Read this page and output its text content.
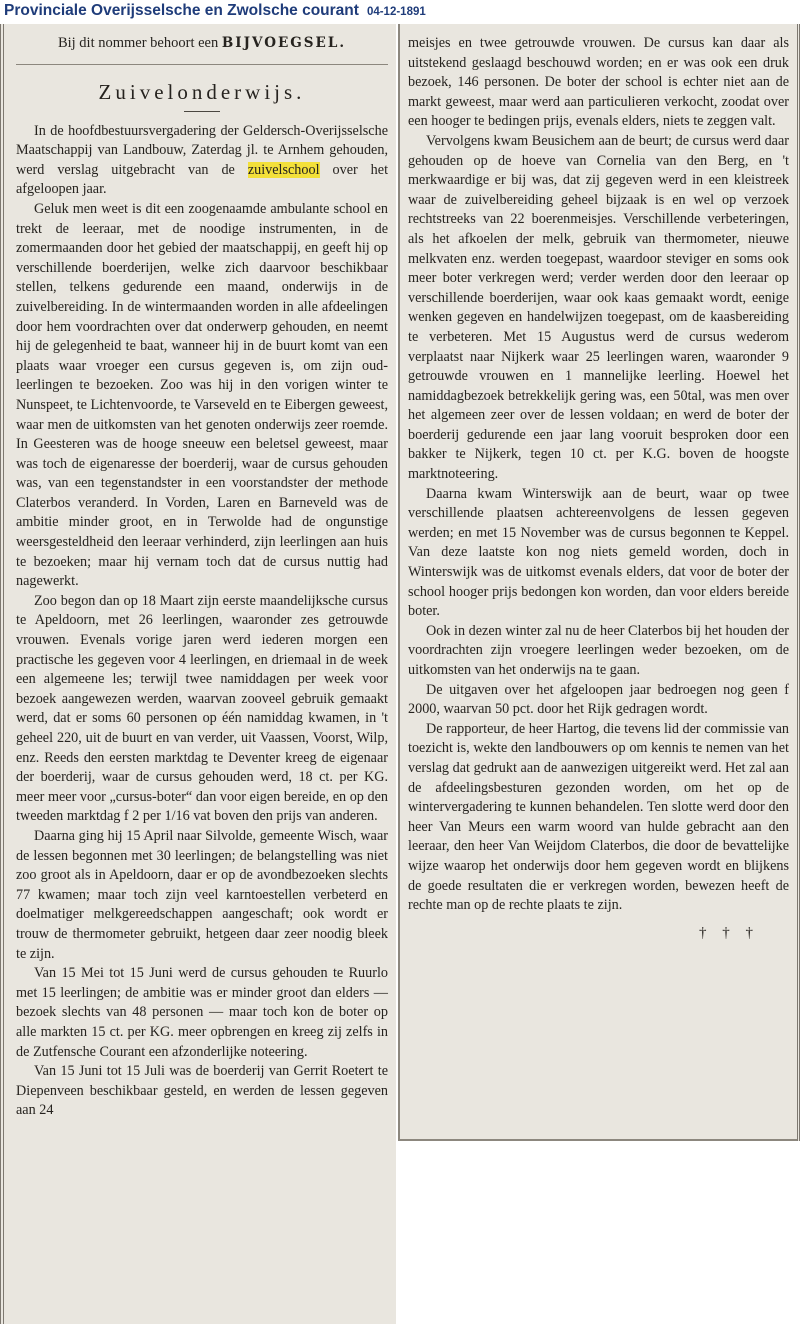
Provinciale Overijsselsche en Zwolsche courant 04-12-1891

Bij dit nommer behoort een BIJVOEGSEL.

Zuivelonderwijs.

In de hoofdbestuursvergadering der Geldersch-Overijsselsche Maatschappij van Landbouw, Zaterdag jl. te Arnhem gehouden, werd verslag uitgebracht van de zuivelschool over het afgeloopen jaar.

Geluk men weet is dit een zoogenaamde ambulante school en trekt de leeraar, met de noodige instrumenten, in de zomermaanden door het gebied der maatschappij, en geeft hij op verschillende boerderijen, welke zich daarvoor beschikbaar stellen, telkens gedurende een maand, onderwijs in de zuivelbereiding. In de wintermaanden worden in alle afdeelingen door hem voordrachten over dat onderwerp gehouden, en neemt hij de gelegenheid te baat, wanneer hij in de buurt komt van een plaats waar vroeger een cursus gegeven is, om zijn oud-leerlingen te bezoeken. Zoo was hij in den vorigen winter te Nunspeet, te Lichtenvoorde, te Varseveld en te Eibergen geweest, waar men de uitkomsten van het genoten onderwijs zeer roemde. In Geesteren was de hooge sneeuw een beletsel geweest, maar was toch de eigenaresse der boerderij, waar de cursus gehouden was, van een tegenstandster in een voorstandster der methode Claterbos veranderd. In Vorden, Laren en Barneveld was de ambitie minder groot, en in Terwolde had de ongunstige weersgesteldheid den leeraar verhinderd, zijn leerlingen aan huis te bezoeken; maar hij vernam toch dat de cursus nuttig had nagewerkt.

Zoo begon dan op 18 Maart zijn eerste maandelijksche cursus te Apeldoorn, met 26 leerlingen, waaronder zes getrouwde vrouwen. Evenals vorige jaren werd iederen morgen een practische les gegeven voor 4 leerlingen, en driemaal in de week een algemeene les; terwijl twee namiddagen per week voor bezoek aangewezen werden, waarvan zooveel gebruik gemaakt werd, dat er soms 60 personen op één namiddag kwamen, in 't geheel 220, uit de buurt en van verder, uit Vaassen, Voorst, Wilp, enz. Reeds den eersten marktdag te Deventer kreeg de eigenaar der boerderij, waar de cursus gehouden werd, 18 ct. per KG. meer meer voor „cursus-boter“ dan voor eigen bereide, en op den tweeden marktdag f 2 per 1/16 vat boven den prijs van anderen.

Daarna ging hij 15 April naar Silvolde, gemeente Wisch, waar de lessen begonnen met 30 leerlingen; de belangstelling was niet zoo groot als in Apeldoorn, daar er op de avondbezoeken slechts 77 kwamen; maar toch zijn veel karntoestellen verbeterd en doelmatiger melkgereedschappen aangeschaft; ook wordt er trouw de thermometer gebruikt, hetgeen daar zeer noodig bleek te zijn.

Van 15 Mei tot 15 Juni werd de cursus gehouden te Ruurlo met 15 leerlingen; de ambitie was er minder groot dan elders — bezoek slechts van 48 personen — maar toch kon de boter op alle markten 15 ct. per KG. meer opbrengen en kreeg zij zelfs in de Zutfensche Courant een afzonderlijke noteering.

Van 15 Juni tot 15 Juli was de boerderij van Gerrit Roetert te Diepenveen beschikbaar gesteld, en werden de lessen gegeven aan 24

meisjes en twee getrouwde vrouwen. De cursus kan daar als uitstekend geslaagd beschouwd worden; en er was ook een druk bezoek, 146 personen. De boter der school is echter niet aan de markt geweest, maar werd aan particulieren verkocht, zoodat over een hooger te bedingen prijs, evenals elders, niets te zeggen valt.

Vervolgens kwam Beusichem aan de beurt; de cursus werd daar gehouden op de hoeve van Cornelia van den Berg, en 't merkwaardige er bij was, dat zij gegeven werd in een kleistreek waar de zuivelbereiding geheel bijzaak is en wel op verzoek rechtstreeks van 22 boerenmeisjes. Verschillende verbeteringen, als het afkoelen der melk, gebruik van thermometer, nieuwe melkvaten enz. werden toegepast, waardoor steviger en soms ook meer boter verkregen werd; verder werden door den leeraar op verschillende boerderijen, waar ook kaas gemaakt wordt, eenige wenken gegeven en handelwijzen toegepast, om de kaasbereiding te verbeteren. Met 15 Augustus werd de cursus wederom verplaatst naar Nijkerk waar 25 leerlingen waren, waaronder 9 getrouwde vrouwen en 1 mannelijke leerling. Hoewel het namiddagbezoek betrekkelijk gering was, een 50tal, was men over het algemeen zeer over de lessen voldaan; en werd de boter der boerderij gedurende een jaar lang vooruit besproken door een bakker te Nijkerk, tegen 10 ct. per K.G. boven de hoogste marktnoteering.

Daarna kwam Winterswijk aan de beurt, waar op twee verschillende plaatsen achtereenvolgens de lessen gegeven werden; en met 15 November was de cursus begonnen te Keppel. Van deze laatste kon nog niets gemeld worden, doch in Winterswijk was de uitkomst evenals elders, dat voor de boter der school hooger prijs bedongen kon worden, dan voor elders bereide boter.

Ook in dezen winter zal nu de heer Claterbos bij het houden der voordrachten zijn vroegere leerlingen weder bezoeken, om de uitkomsten van het onderwijs na te gaan.

De uitgaven over het afgeloopen jaar bedroegen nog geen f 2000, waarvan 50 pct. door het Rijk gedragen wordt.

De rapporteur, de heer Hartog, die tevens lid der commissie van toezicht is, wekte den landbouwers op om kennis te nemen van het verslag dat gedrukt aan de aanwezigen uitgereikt werd. Het zal aan de afdeelingsbesturen gezonden worden, om het op de wintervergadering te kunnen behandelen. Ten slotte werd door den heer Van Meurs een warm woord van hulde gebracht aan den leeraar, den heer Van Weijdom Claterbos, die door de bevattelijke wijze waarop het onderwijs door hem gegeven wordt en blijkens de goede resultaten die er verkregen worden, bewezen heeft de rechte man op de rechte plaats te zijn.

† † †
